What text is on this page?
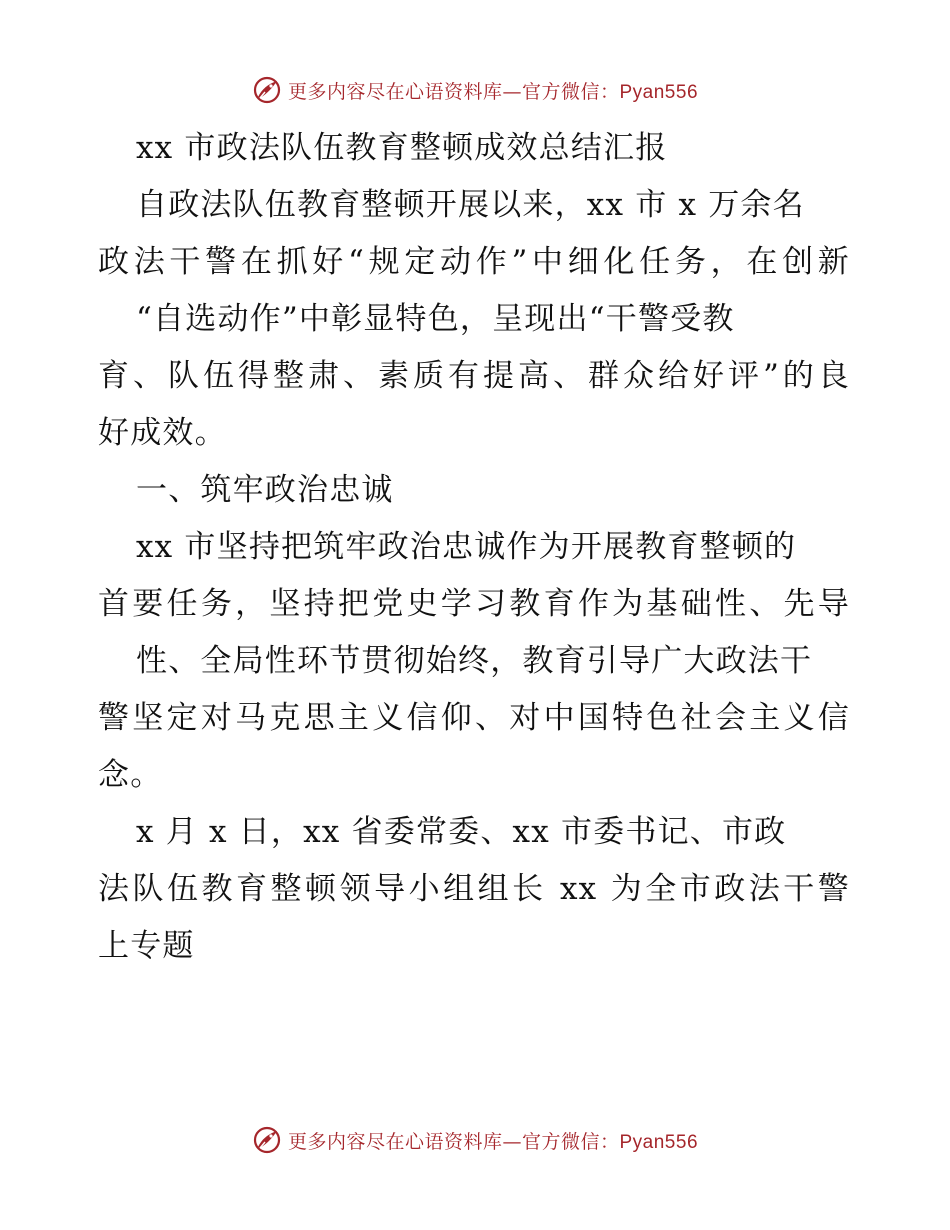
更多内容尽在心语资料库—官方微信：Pyan556
xx 市政法队伍教育整顿成效总结汇报
自政法队伍教育整顿开展以来，xx 市 x 万余名
政法干警在抓好“规定动作”中细化任务，在创新
“自选动作”中彰显特色，呈现出“干警受教
育、队伍得整肃、素质有提高、群众给好评”的良
好成效。
一、筑牢政治忠诚
xx 市坚持把筑牢政治忠诚作为开展教育整顿的
首要任务，坚持把党史学习教育作为基础性、先导
性、全局性环节贯彻始终，教育引导广大政法干
警坚定对马克思主义信仰、对中国特色社会主义信
念。
x 月 x 日，xx 省委常委、xx 市委书记、市政
法队伍教育整顿领导小组组长 xx 为全市政法干警
上专题
更多内容尽在心语资料库—官方微信：Pyan556
